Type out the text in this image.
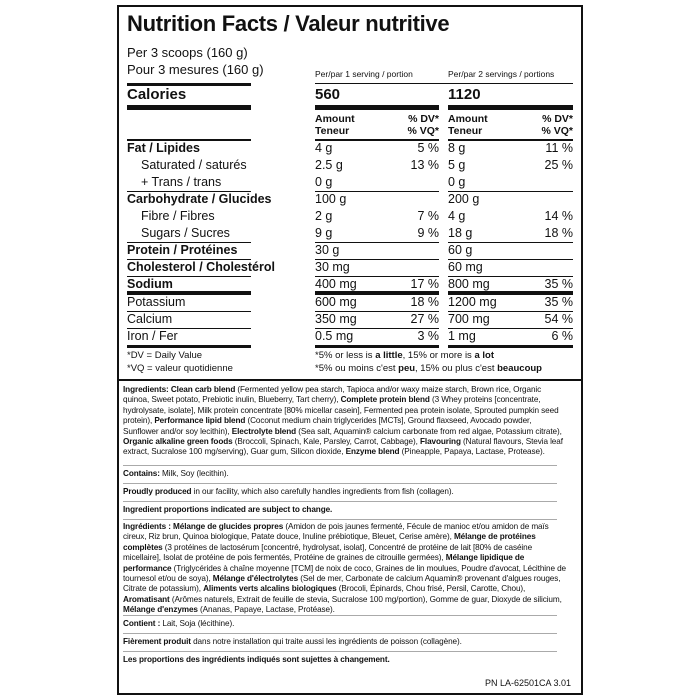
Nutrition Facts / Valeur nutritive
Per 3 scoops (160 g)
Pour 3 mesures (160 g)	Per/par 1 serving / portion	Per/par 2 servings / portions
Calories	560	1120
Amount
Teneur
% DV*
% VQ*
Amount
Teneur
% DV*
% VQ*
Fat / Lipides	4 g	5 % 8 g	11 %
Saturated / saturés	2.5 g	13 % 5 g	25 %
+ Trans / trans	0 g	0 g
Carbohydrate / Glucides	100 g	200 g
Fibre / Fibres	2 g	7 % 4 g	14 %
Sugars / Sucres	9 g	9 % 18 g	18 %
Protein / Protéines	30 g	60 g
Cholesterol / Cholestérol	30 mg	60 mg
Sodium	400 mg	17 % 800 mg	35 %
Potassium	600 mg	18 % 1200 mg	35 %
Calcium	350 mg	27 % 700 mg	54 %
Iron / Fer	0.5 mg	3 % 1 mg	6 %
*DV = Daily Value
*VQ = valeur quotidienne
*5% or less is a little, 15% or more is a lot
*5% ou moins c'est peu, 15% ou plus c'est beaucoup
Ingredients: Clean carb blend (Fermented yellow pea starch, Tapioca and/or waxy maize starch, Brown rice, Organic quinoa, Sweet potato, Prebiotic inulin, Blueberry, Tart cherry), Complete protein blend (3 Whey proteins [concentrate, hydrolysate, isolate], Milk protein concentrate [80% micellar casein], Fermented pea protein isolate, Sprouted pumpkin seed protein), Performance lipid blend (Coconut medium chain triglycerides [MCTs], Ground flaxseed, Avocado powder, Sunflower and/or soy lecithin), Electrolyte blend (Sea salt, Aquamin® calcium carbonate from red algae, Potassium citrate), Organic alkaline green foods (Broccoli, Spinach, Kale, Parsley, Carrot, Cabbage), Flavouring (Natural flavours, Stevia leaf extract, Sucralose 100 mg/serving), Guar gum, Silicon dioxide, Enzyme blend (Pineapple, Papaya, Lactase, Protease).
Contains: Milk, Soy (lecithin).
Proudly produced in our facility, which also carefully handles ingredients from fish (collagen).
Ingredient proportions indicated are subject to change.
Ingrédients : Mélange de glucides propres (Amidon de pois jaunes fermenté, Fécule de manioc et/ou amidon de maïs cireux, Riz brun, Quinoa biologique, Patate douce, Inuline prébiotique, Bleuet, Cerise amère), Mélange de protéines complètes (3 protéines de lactosérum [concentré, hydrolysat, isolat], Concentré de protéine de lait [80% de caséine micellaire], Isolat de protéine de pois fermentés, Protéine de graines de citrouille germées), Mélange lipidique de performance (Triglycérides à chaîne moyenne [TCM] de noix de coco, Graines de lin moulues, Poudre d'avocat, Lécithine de tournesol et/ou de soya), Mélange d'électrolytes (Sel de mer, Carbonate de calcium Aquamin® provenant d'algues rouges, Citrate de potassium), Aliments verts alcalins biologiques (Brocoli, Épinards, Chou frisé, Persil, Carotte, Chou), Aromatisant (Arômes naturels, Extrait de feuille de stevia, Sucralose 100 mg/portion), Gomme de guar, Dioxyde de silicium, Mélange d'enzymes (Ananas, Papaye, Lactase, Protéase).
Contient : Lait, Soja (lécithine).
Fièrement produit dans notre installation qui traite aussi les ingrédients de poisson (collagène).
Les proportions des ingrédients indiqués sont sujettes à changement.
PN LA-62501CA 3.01
